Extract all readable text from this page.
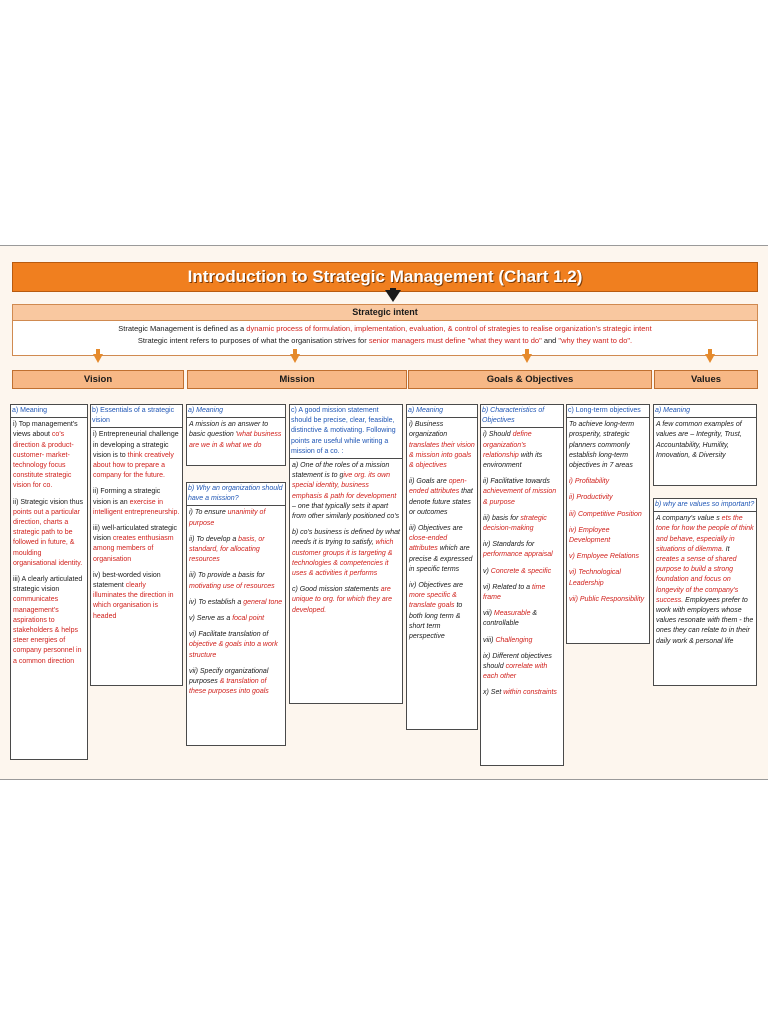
Introduction to Strategic Management (Chart 1.2)
Strategic intent
Strategic Management is defined as a dynamic process of formulation, implementation, evaluation, & control of strategies to realise organization's strategic intent
Strategic intent refers to purposes of what the organisation strives for senior managers must define "what they want to do" and "why they want to do".
Vision	Mission	Goals & Objectives	Values
a) Meaning
i) Top management's views about co's direction & product-customer- market-technology focus constitute strategic vision for co.
ii) Strategic vision thus points out a particular direction, charts a strategic path to be followed in future, & moulding organisational identity.
iii) A clearly articulated strategic vision communicates management's aspirations to stakeholders & helps steer energies of company personnel in a common direction
b) Essentials of a strategic vision
i) Entrepreneurial challenge in developing a strategic vision is to think creatively about how to prepare a company for the future.
ii) Forming a strategic vision is an exercise in intelligent entrepreneurship.
iii) well-articulated strategic vision creates enthusiasm among members of organisation
iv) best-worded vision statement clearly illuminates the direction in which organisation is headed
a) Meaning
A mission is an answer to basic question 'what business are we in & what we do
b) Why an organization should have a mission?
i) To ensure unanimity of purpose
ii) To develop a basis, or standard, for allocating resources
iii) To provide a basis for motivating use of resources
iv) To establish a general tone
v) Serve as a focal point
vi) Facilitate translation of objective & goals into a work structure
vii) Specify organizational purposes & translation of these purposes into goals
c) A good mission statement should be precise, clear, feasible, distinctive & motivating. Following points are useful while writing a mission of a co. :
a) One of the roles of a mission statement is to give org. its own special identity, business emphasis & path for development – one that typically sets it apart from other similarly positioned co's
b) co's business is defined by what needs it is trying to satisfy, which customer groups it is targeting & technologies & competencies it uses & activities it performs
c) Good mission statements are unique to org. for which they are developed.
a) Meaning
i) Business organization translates their vision & mission into goals & objectives
ii) Goals are open-ended attributes that denote future states or outcomes
iii) Objectives are close-ended attributes which are precise & expressed in specific terms
iv) Objectives are more specific & translate goals to both long term & short term perspective
b) Characteristics of Objectives
i) Should define organization's relationship with its environment
ii) Facilitative towards achievement of mission & purpose
iii) basis for strategic decision-making
iv) Standards for performance appraisal
v) Concrete & specific
vi) Related to a time frame
vii) Measurable & controllable
viii) Challenging
ix) Different objectives should correlate with each other
x) Set within constraints
c) Long-term objectives
To achieve long-term prosperity, strategic planners commonly establish long-term objectives in 7 areas
i) Profitability
ii) Productivity
iii) Competitive Position
iv) Employee Development
v) Employee Relations
vi) Technological Leadership
vii) Public Responsibility
a) Meaning
A few common examples of values are – Integrity, Trust, Accountability, Humility, Innovation, & Diversity
b) why are values so important?
A company's value s ets the tone for how the people of think and behave, especially in situations of dilemma. It creates a sense of shared purpose to build a strong foundation and focus on longevity of the company's success. Employees prefer to work with employers whose values resonate with them - the ones they can relate to in their daily work & personal life
